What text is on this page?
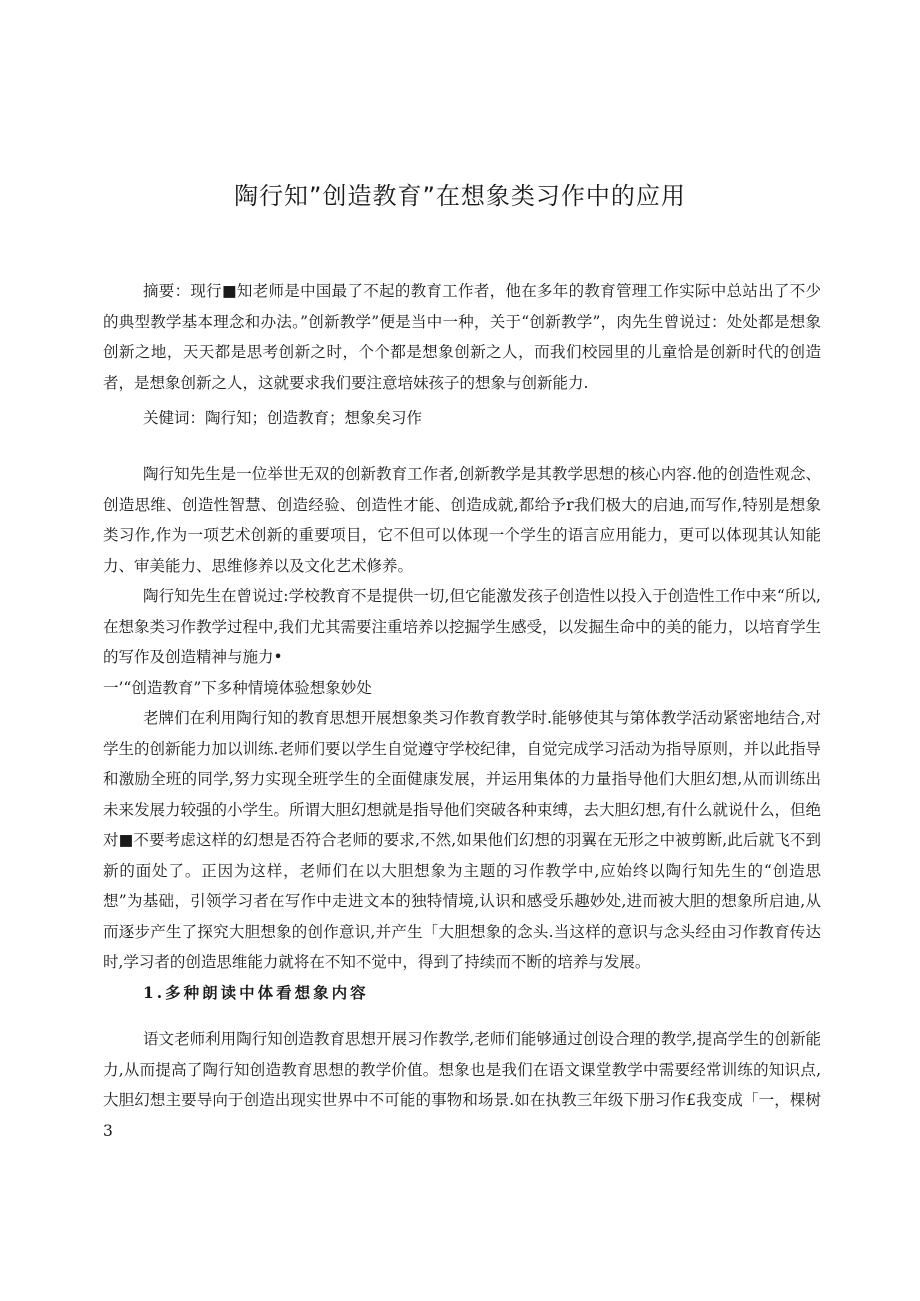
陶行知”创造教育”在想象类习作中的应用

摘要：现行■知老师是中国最了不起的教育工作者，他在多年的教育管理工作实际中总站出了不少的典型教学基本理念和办法。”创新教学”便是当中一种，关于“创新教学”，肉先生曾说过：处处都是想象创新之地，天天都是思考创新之时，个个都是想象创新之人，而我们校园里的儿童恰是创新时代的创造者，是想象创新之人，这就要求我们要注意培妹孩子的想象与创新能力.

关健词：陶行知；创造教育；想象矣习作

陶行知先生是一位举世无双的创新教育工作者,创新教学是其教学思想的核心内容.他的创造性观念、创造思维、创造性智慧、创造经验、创造性才能、创造成就,都给予r我们极大的启迪,而写作,特别是想象类习作,作为一项艺术创新的重要项目，它不但可以体现一个学生的语言应用能力，更可以体现其认知能力、审美能力、思维修养以及文化艺术修养。

陶行知先生在曾说过:学校教育不是提供一切,但它能激发孩子创造性以投入于创造性工作中来“所以,在想象类习作教学过程中,我们尤其需要注重培养以挖掘学生感受，以发掘生命中的美的能力，以培育学生的写作及创造精神与施力•

一’“创造教育”下多种情境体验想象妙处

老牌们在利用陶行知的教育思想开展想象类习作教育教学时.能够使其与第体教学活动紧密地结合,对学生的创新能力加以训练.老师们要以学生自觉遵守学校纪律，自觉完成学习活动为指导原则，并以此指导和激励全班的同学,努力实现全班学生的全面健康发展，并运用集体的力量指导他们大胆幻想,从而训练出未来发展力较强的小学生。所谓大胆幻想就是指导他们突破各种束缚，去大胆幻想,有什么就说什么，但绝对■不要考虑这样的幻想是否符合老师的要求,不然,如果他们幻想的羽翼在无形之中被剪断,此后就飞不到新的面处了。正因为这样，老师们在以大胆想象为主题的习作教学中,应始终以陶行知先生的“创造思想”为基础，引领学习者在写作中走进文本的独特情境,认识和感受乐趣妙处,进而被大胆的想象所启迪,从而逐步产生了探究大胆想象的创作意识,并产生「大胆想象的念头.当这样的意识与念头经由习作教育传达时,学习者的创造思维能力就将在不知不觉中，得到了持续而不断的培养与发展。

1.多种朗读中体看想象内容

语文老师利用陶行知创造教育思想开展习作教学,老师们能够通过创设合理的教学,提高学生的创新能力,从而提高了陶行知创造教育思想的教学价值。想象也是我们在语文课堂教学中需要经常训练的知识点,大胆幻想主要导向于创造出现实世界中不可能的事物和场景.如在执教三年级下册习作£我变成「一，棵树3
